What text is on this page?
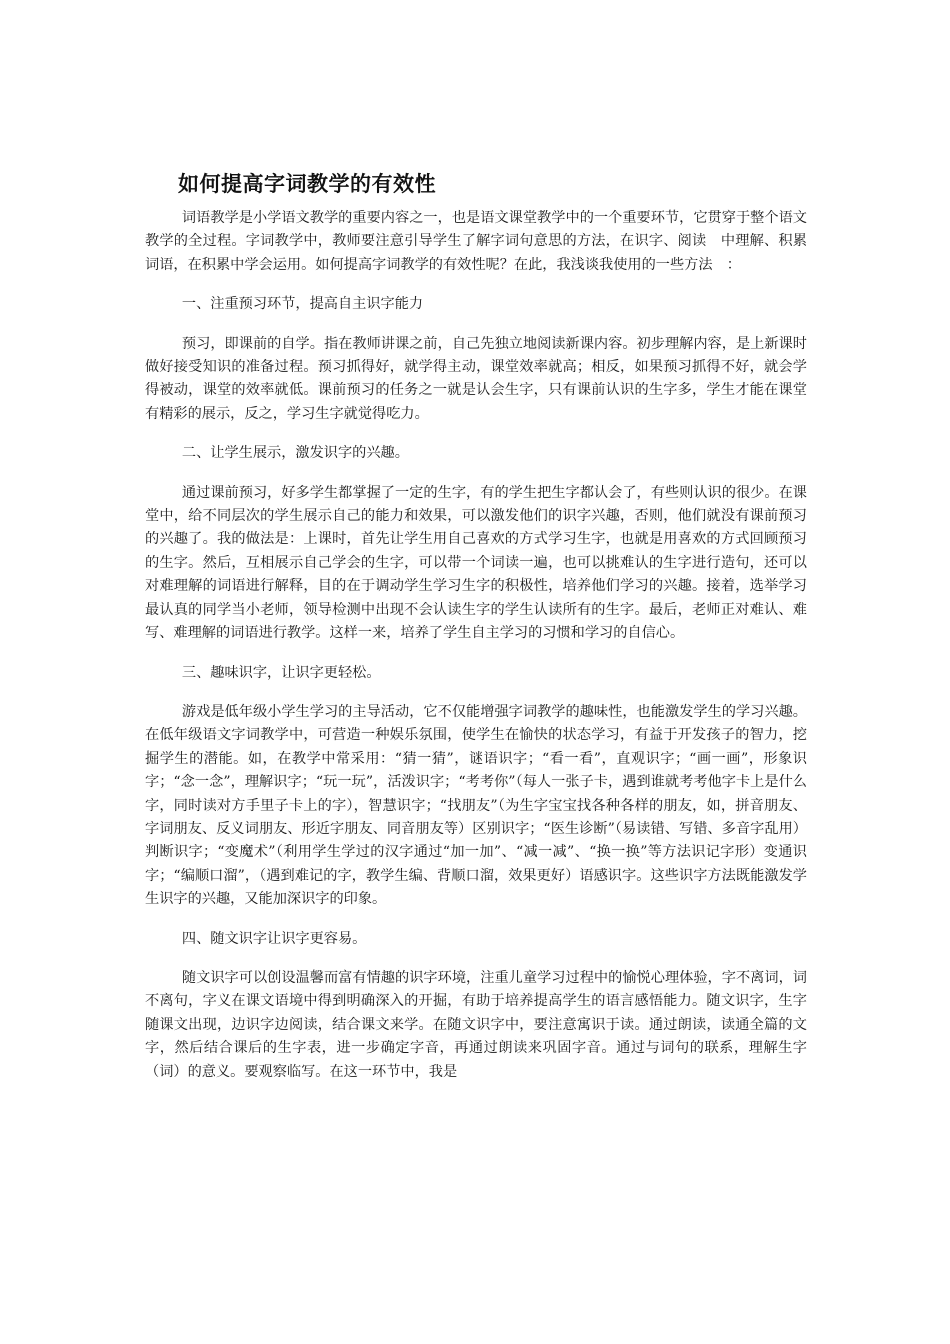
如何提高字词教学的有效性

词语教学是小学语文教学的重要内容之一，也是语文课堂教学中的一个重要环节，它贯穿于整个语文教学的全过程。字词教学中，教师要注意引导学生了解字词句意思的方法，在识字、阅读　中理解、积累词语，在积累中学会运用。如何提高字词教学的有效性呢？在此，我浅谈我使用的一些方法　：

一、注重预习环节，提高自主识字能力

预习，即课前的自学。指在教师讲课之前，自己先独立地阅读新课内容。初步理解内容，是上新课时做好接受知识的准备过程。预习抓得好，就学得主动，课堂效率就高；相反，如果预习抓得不好，就会学得被动，课堂的效率就低。课前预习的任务之一就是认会生字，只有课前认识的生字多，学生才能在课堂有精彩的展示，反之，学习生字就觉得吃力。

二、让学生展示，激发识字的兴趣。

通过课前预习，好多学生都掌握了一定的生字，有的学生把生字都认会了，有些则认识的很少。在课堂中，给不同层次的学生展示自己的能力和效果，可以激发他们的识字兴趣，否则，他们就没有课前预习的兴趣了。我的做法是：上课时，首先让学生用自己喜欢的方式学习生字，也就是用喜欢的方式回顾预习的生字。然后，互相展示自己学会的生字，可以带一个词读一遍，也可以挑难认的生字进行造句，还可以对难理解的词语进行解释，目的在于调动学生学习生字的积极性，培养他们学习的兴趣。接着，选举学习最认真的同学当小老师，领导检测中出现不会认读生字的学生认读所有的生字。最后，老师正对难认、难写、难理解的词语进行教学。这样一来，培养了学生自主学习的习惯和学习的自信心。

三、趣味识字，让识字更轻松。

游戏是低年级小学生学习的主导活动，它不仅能增强字词教学的趣味性，也能激发学生的学习兴趣。在低年级语文字词教学中，可营造一种娱乐氛围，使学生在愉快的状态学习，有益于开发孩子的智力，挖掘学生的潜能。如，在教学中常采用：“猜一猜”，谜语识字；“看一看”，直观识字；“画一画”，形象识字；“念一念”，理解识字；“玩一玩”，活泼识字；“考考你”（每人一张子卡，遇到谁就考考他字卡上是什么字，同时读对方手里子卡上的字），智慧识字；“找朋友”（为生字宝宝找各种各样的朋友，如，拼音朋友、字词朋友、反义词朋友、形近字朋友、同音朋友等）区别识字；“医生诊断”（易读错、写错、多音字乱用）判断识字；“变魔术”（利用学生学过的汉字通过“加一加”、“减一减”、“换一换”等方法识记字形）变通识字；“编顺口溜”，（遇到难记的字，教学生编、背顺口溜，效果更好）语感识字。这些识字方法既能激发学生识字的兴趣，又能加深识字的印象。

四、随文识字让识字更容易。

随文识字可以创设温馨而富有情趣的识字环境，注重儿童学习过程中的愉悦心理体验，字不离词，词不离句，字义在课文语境中得到明确深入的开掘，有助于培养提高学生的语言感悟能力。随文识字，生字随课文出现，边识字边阅读，结合课文来学。在随文识字中，要注意寓识于读。通过朗读，读通全篇的文字，然后结合课后的生字表，进一步确定字音，再通过朗读来巩固字音。通过与词句的联系，理解生字（词）的意义。要观察临写。在这一环节中，我是
